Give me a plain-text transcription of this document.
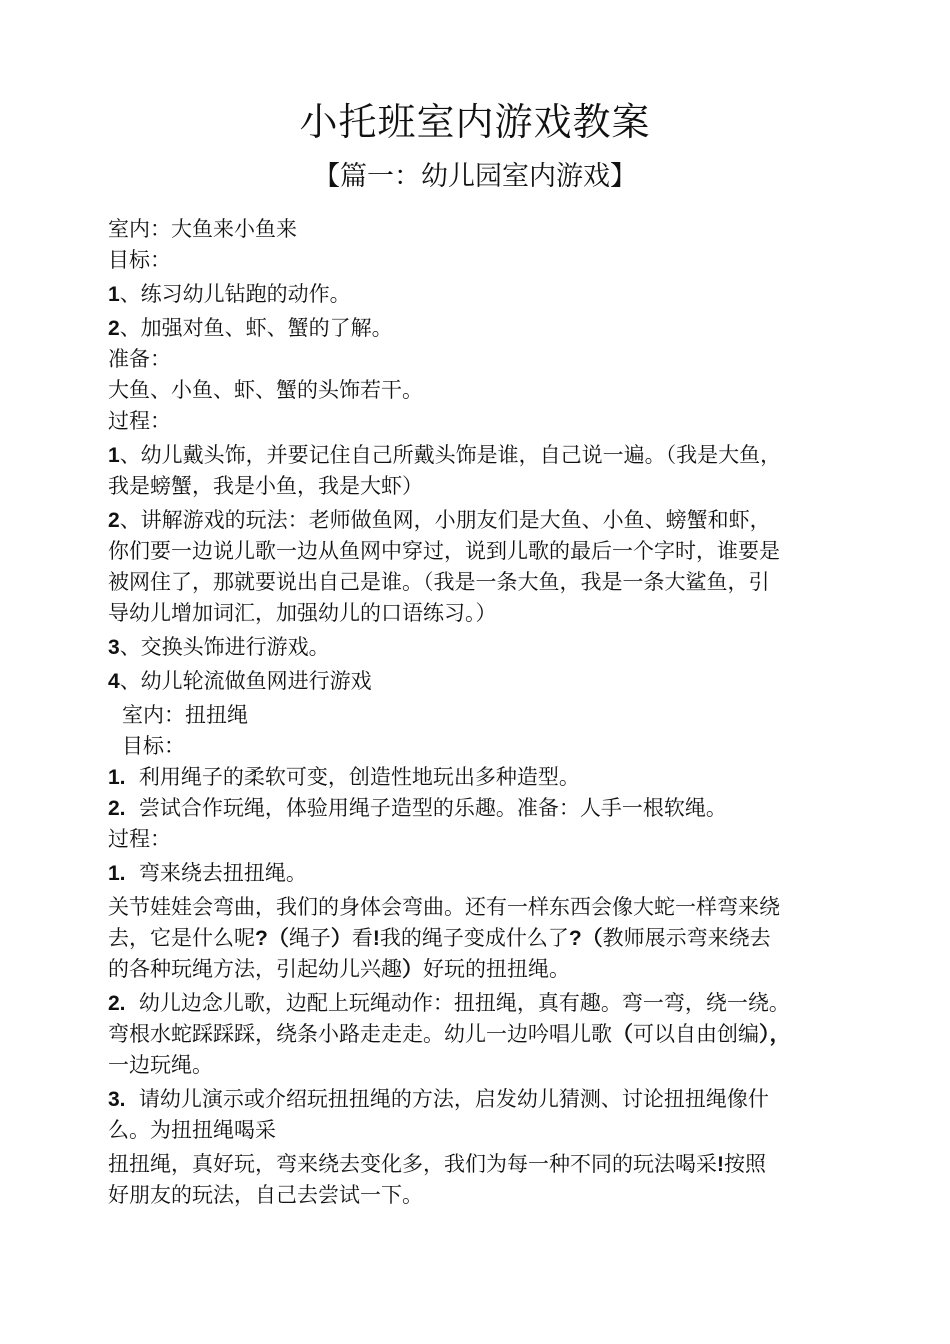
小托班室内游戏教案
【篇一：幼儿园室内游戏】

室内：大鱼来小鱼来

目标：

1、练习幼儿钻跑的动作。

2、加强对鱼、虾、蟹的了解。

准备：

大鱼、小鱼、虾、蟹的头饰若干。

过程：

1、幼儿戴头饰，并要记住自己所戴头饰是谁，自己说一遍。（我是大鱼，

我是螃蟹，我是小鱼，我是大虾）

2、讲解游戏的玩法：老师做鱼网，小朋友们是大鱼、小鱼、螃蟹和虾，

你们要一边说儿歌一边从鱼网中穿过，说到儿歌的最后一个字时，谁要是

被网住了，那就要说出自己是谁。（我是一条大鱼，我是一条大鲨鱼，引

导幼儿增加词汇，加强幼儿的口语练习。）

3、交换头饰进行游戏。

4、幼儿轮流做鱼网进行游戏

室内：扭扭绳

目标：

1. 利用绳子的柔软可变，创造性地玩出多种造型。

2. 尝试合作玩绳，体验用绳子造型的乐趣。准备：人手一根软绳。

过程：

1. 弯来绕去扭扭绳。

关节娃娃会弯曲，我们的身体会弯曲。还有一样东西会像大蛇一样弯来绕

去，它是什么呢?（绳子）看!我的绳子变成什么了?（教师展示弯来绕去

的各种玩绳方法，引起幼儿兴趣）好玩的扭扭绳。

2. 幼儿边念儿歌，边配上玩绳动作：扭扭绳，真有趣。弯一弯，绕一绕。

弯根水蛇踩踩踩，绕条小路走走走。幼儿一边吟唱儿歌（可以自由创编），

一边玩绳。

3. 请幼儿演示或介绍玩扭扭绳的方法，启发幼儿猜测、讨论扭扭绳像什

么。为扭扭绳喝采

扭扭绳，真好玩，弯来绕去变化多，我们为每一种不同的玩法喝采!按照

好朋友的玩法，自己去尝试一下。
